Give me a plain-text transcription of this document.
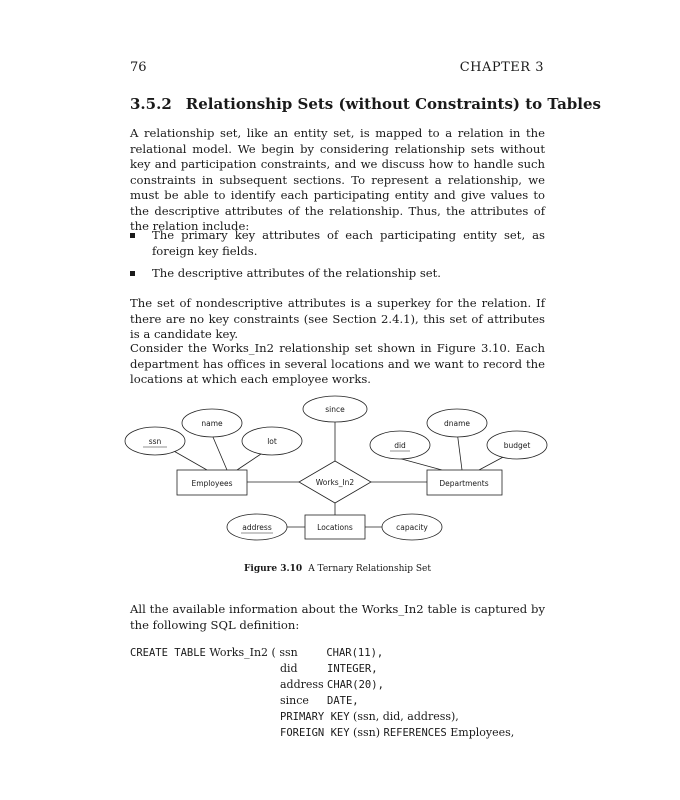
76	CHAPTER 3
3.5.2 Relationship Sets (without Constraints) to Tables
A relationship set, like an entity set, is mapped to a relation in the relational model. We begin by considering relationship sets without key and participation constraints, and we discuss how to handle such constraints in subsequent sections. To represent a relationship, we must be able to identify each participating entity and give values to the descriptive attributes of the relationship. Thus, the attributes of the relation include:
The primary key attributes of each participating entity set, as foreign key fields.
The descriptive attributes of the relationship set.
The set of nondescriptive attributes is a superkey for the relation. If there are no key constraints (see Section 2.4.1), this set of attributes is a candidate key.
Consider the Works_In2 relationship set shown in Figure 3.10. Each department has offices in several locations and we want to record the locations at which each employee works.
ssn
name
lot
since
did
dname
budget
address	capacity
Employees	Departments
Locations
Works_In2
Figure 3.10 A Ternary Relationship Set
All the available information about the Works_In2 table is captured by the following SQL definition:
CREATE TABLE Works_In2 ( ssn	CHAR(11),
did	INTEGER,
address CHAR(20),
since DATE,
PRIMARY KEY (ssn, did, address),
FOREIGN KEY (ssn) REFERENCES Employees,
